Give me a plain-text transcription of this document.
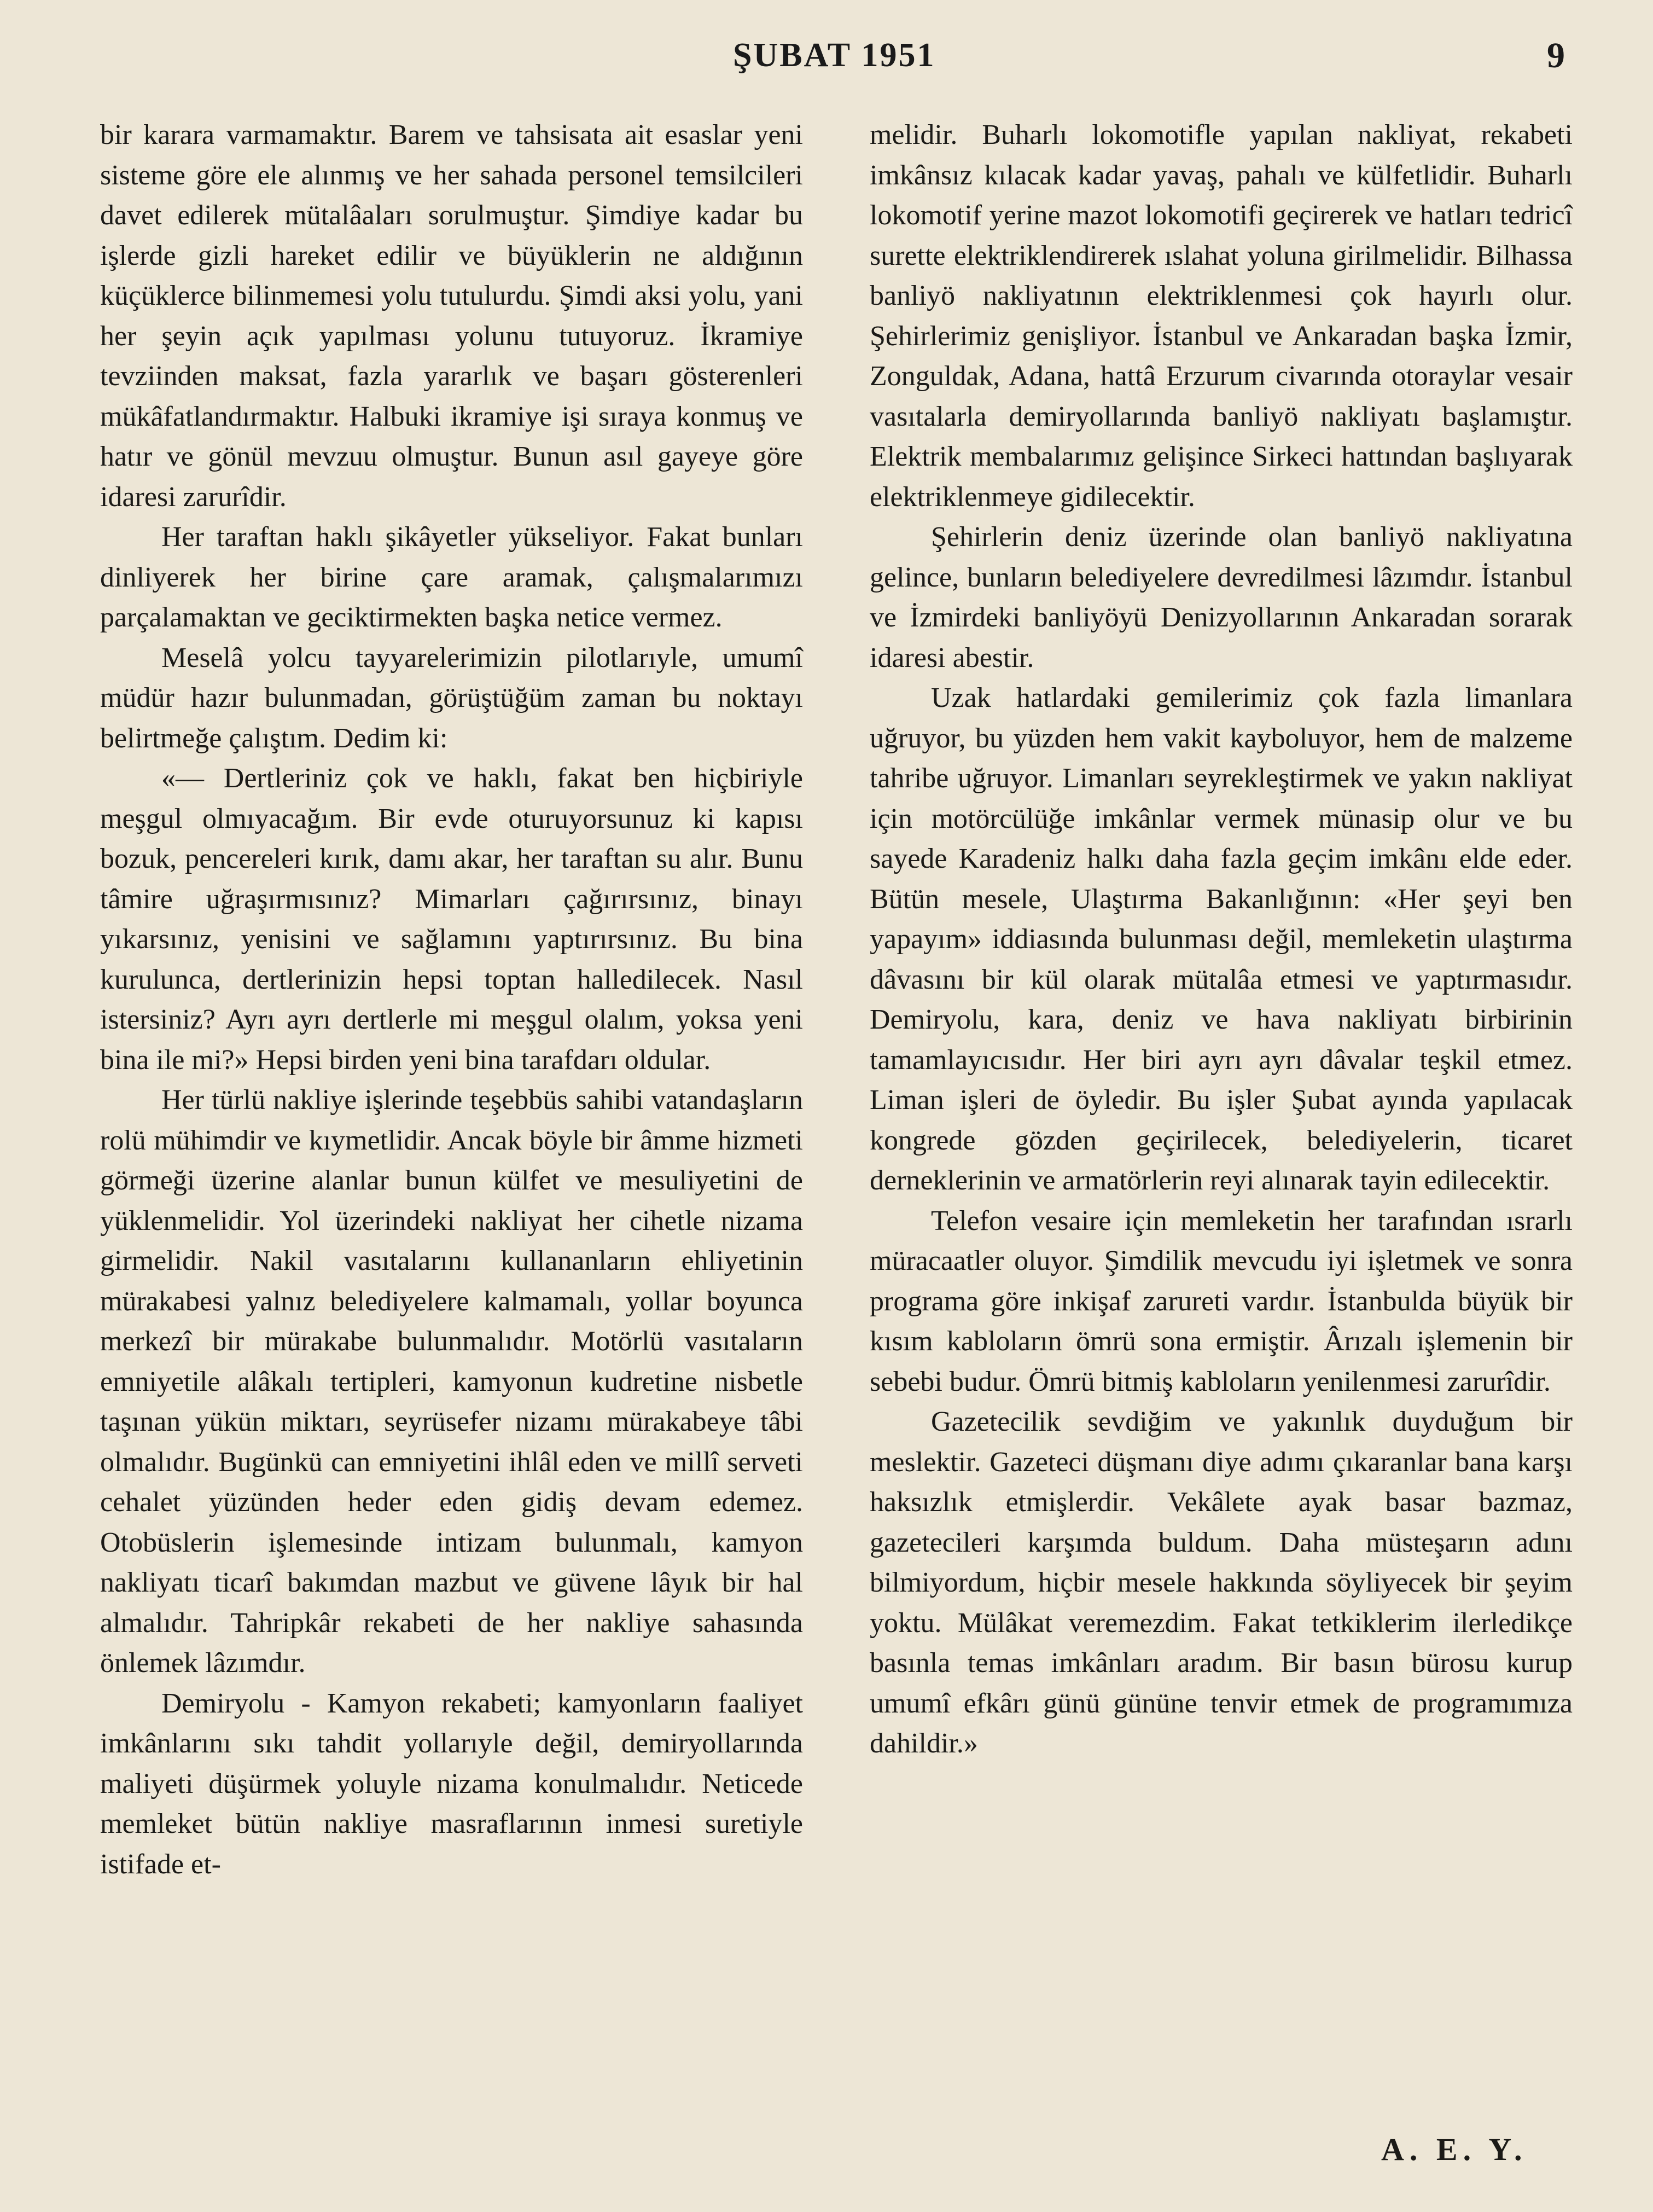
ŞUBAT 1951	9

bir karara varmamaktır. Barem ve tahsisata ait esaslar yeni sisteme göre ele alınmış ve her sahada personel temsilcileri davet edilerek mütalâaları sorulmuştur. Şimdiye kadar bu işlerde gizli hareket edilir ve büyüklerin ne aldığının küçüklerce bilinmemesi yolu tutulurdu. Şimdi aksi yolu, yani her şeyin açık yapılması yolunu tutuyoruz. İkramiye tevziinden maksat, fazla yararlık ve başarı gösterenleri mükâfatlandırmaktır. Halbuki ikramiye işi sıraya konmuş ve hatır ve gönül mevzuu olmuştur. Bunun asıl gayeye göre idaresi zarurîdir.

Her taraftan haklı şikâyetler yükseliyor. Fakat bunları dinliyerek her birine çare aramak, çalışmalarımızı parçalamaktan ve geciktirmekten başka netice vermez.

Meselâ yolcu tayyarelerimizin pilotlarıyle, umumî müdür hazır bulunmadan, görüştüğüm zaman bu noktayı belirtmeğe çalıştım. Dedim ki:

«— Dertleriniz çok ve haklı, fakat ben hiçbiriyle meşgul olmıyacağım. Bir evde oturuyorsunuz ki kapısı bozuk, pencereleri kırık, damı akar, her taraftan su alır. Bunu tâmire uğraşırmısınız? Mimarları çağırırsınız, binayı yıkarsınız, yenisini ve sağlamını yaptırırsınız. Bu bina kurulunca, dertlerinizin hepsi toptan halledilecek. Nasıl istersiniz? Ayrı ayrı dertlerle mi meşgul olalım, yoksa yeni bina ile mi?» Hepsi birden yeni bina tarafdarı oldular.

Her türlü nakliye işlerinde teşebbüs sahibi vatandaşların rolü mühimdir ve kıymetlidir. Ancak böyle bir âmme hizmeti görmeği üzerine alanlar bunun külfet ve mesuliyetini de yüklenmelidir. Yol üzerindeki nakliyat her cihetle nizama girmelidir. Nakil vasıtalarını kullananların ehliyetinin mürakabesi yalnız belediyelere kalmamalı, yollar boyunca merkezî bir mürakabe bulunmalıdır. Motörlü vasıtaların emniyetile alâkalı tertipleri, kamyonun kudretine nisbetle taşınan yükün miktarı, seyrüsefer nizamı mürakabeye tâbi olmalıdır. Bugünkü can emniyetini ihlâl eden ve millî serveti cehalet yüzünden heder eden gidiş devam edemez. Otobüslerin işlemesinde intizam bulunmalı, kamyon nakliyatı ticarî bakımdan mazbut ve güvene lâyık bir hal almalıdır. Tahripkâr rekabeti de her nakliye sahasında önlemek lâzımdır.

Demiryolu - Kamyon rekabeti; kamyonların faaliyet imkânlarını sıkı tahdit yollarıyle değil, demiryollarında maliyeti düşürmek yoluyle nizama konulmalıdır. Neticede memleket bütün nakliye masraflarının inmesi suretiyle istifade et-

melidir. Buharlı lokomotifle yapılan nakliyat, rekabeti imkânsız kılacak kadar yavaş, pahalı ve külfetlidir. Buharlı lokomotif yerine mazot lokomotifi geçirerek ve hatları tedricî surette elektriklendirerek ıslahat yoluna girilmelidir. Bilhassa banliyö nakliyatının elektriklenmesi çok hayırlı olur. Şehirlerimiz genişliyor. İstanbul ve Ankaradan başka İzmir, Zonguldak, Adana, hattâ Erzurum civarında otoraylar vesair vasıtalarla demiryollarında banliyö nakliyatı başlamıştır. Elektrik membalarımız gelişince Sirkeci hattından başlıyarak elektriklenmeye gidilecektir.

Şehirlerin deniz üzerinde olan banliyö nakliyatına gelince, bunların belediyelere devredilmesi lâzımdır. İstanbul ve İzmirdeki banliyöyü Denizyollarının Ankaradan sorarak idaresi abestir.

Uzak hatlardaki gemilerimiz çok fazla limanlara uğruyor, bu yüzden hem vakit kayboluyor, hem de malzeme tahribe uğruyor. Limanları seyrekleştirmek ve yakın nakliyat için motörcülüğe imkânlar vermek münasip olur ve bu sayede Karadeniz halkı daha fazla geçim imkânı elde eder. Bütün mesele, Ulaştırma Bakanlığının: «Her şeyi ben yapayım» iddiasında bulunması değil, memleketin ulaştırma dâvasını bir kül olarak mütalâa etmesi ve yaptırmasıdır. Demiryolu, kara, deniz ve hava nakliyatı birbirinin tamamlayıcısıdır. Her biri ayrı ayrı dâvalar teşkil etmez. Liman işleri de öyledir. Bu işler Şubat ayında yapılacak kongrede gözden geçirilecek, belediyelerin, ticaret derneklerinin ve armatörlerin reyi alınarak tayin edilecektir.

Telefon vesaire için memleketin her tarafından ısrarlı müracaatler oluyor. Şimdilik mevcudu iyi işletmek ve sonra programa göre inkişaf zarureti vardır. İstanbulda büyük bir kısım kabloların ömrü sona ermiştir. Ârızalı işlemenin bir sebebi budur. Ömrü bitmiş kabloların yenilenmesi zarurîdir.

Gazetecilik sevdiğim ve yakınlık duyduğum bir meslektir. Gazeteci düşmanı diye adımı çıkaranlar bana karşı haksızlık etmişlerdir. Vekâlete ayak basar bazmaz, gazetecileri karşımda buldum. Daha müsteşarın adını bilmiyordum, hiçbir mesele hakkında söyliyecek bir şeyim yoktu. Mülâkat veremezdim. Fakat tetkiklerim ilerledikçe basınla temas imkânları aradım. Bir basın bürosu kurup umumî efkârı günü gününe tenvir etmek de programımıza dahildir.»

A. E. Y.
